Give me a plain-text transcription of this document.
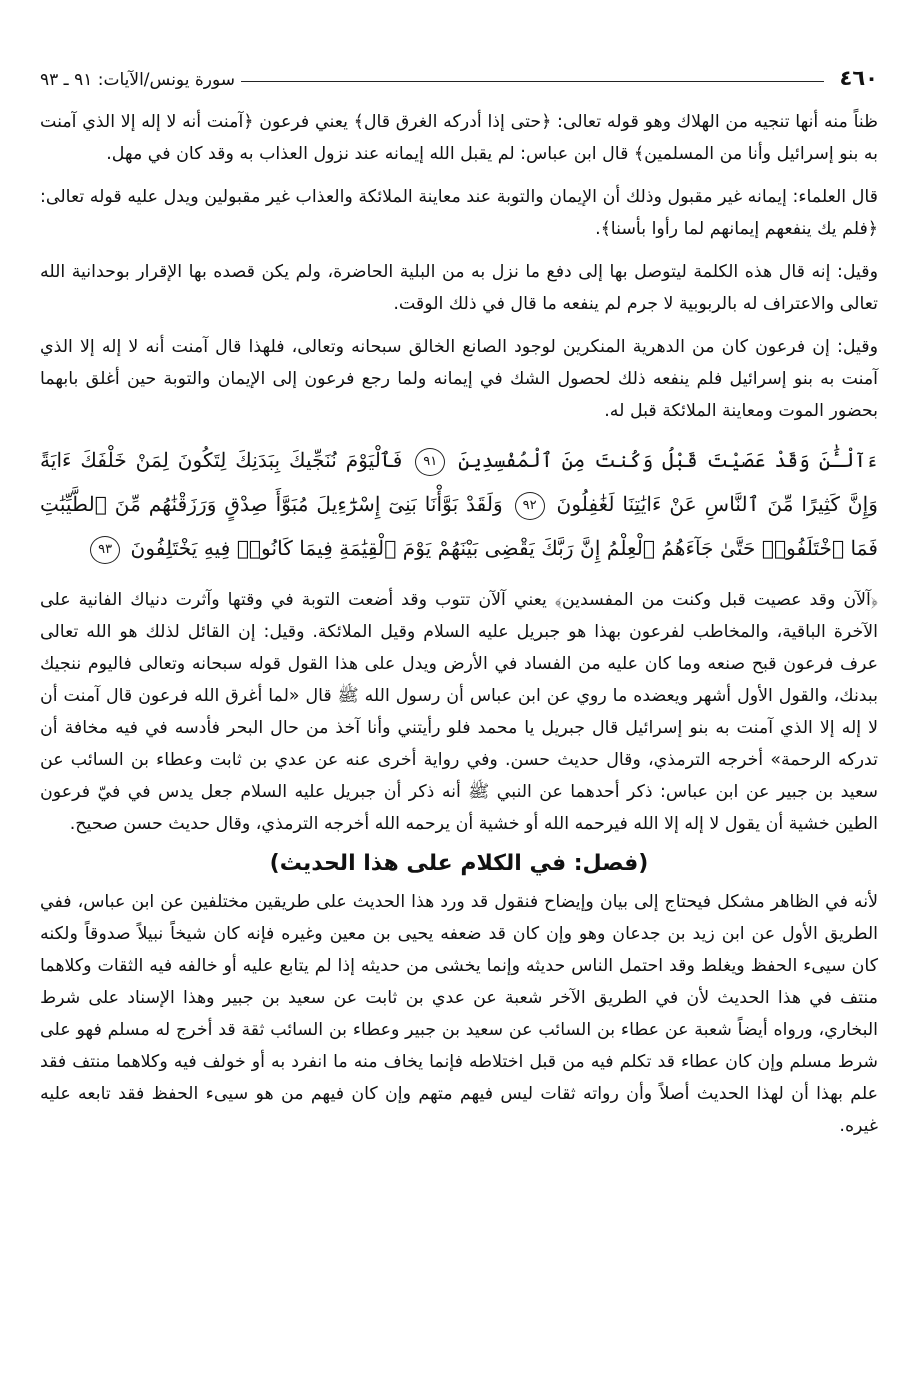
٤٦٠
سورة يونس/الآيات: ٩١ ـ ٩٣

ظناً منه أنها تنجيه من الهلاك وهو قوله تعالى: ﴿حتى إذا أدركه الغرق قال﴾ يعني فرعون ﴿آمنت أنه لا إله إلا الذي آمنت به بنو إسرائيل وأنا من المسلمين﴾ قال ابن عباس: لم يقبل الله إيمانه عند نزول العذاب به وقد كان في مهل.

قال العلماء: إيمانه غير مقبول وذلك أن الإيمان والتوبة عند معاينة الملائكة والعذاب غير مقبولين ويدل عليه قوله تعالى: ﴿فلم يك ينفعهم إيمانهم لما رأوا بأسنا﴾.

وقيل: إنه قال هذه الكلمة ليتوصل بها إلى دفع ما نزل به من البلية الحاضرة، ولم يكن قصده بها الإقرار بوحدانية الله تعالى والاعتراف له بالربوبية لا جرم لم ينفعه ما قال في ذلك الوقت.

وقيل: إن فرعون كان من الدهرية المنكرين لوجود الصانع الخالق سبحانه وتعالى، فلهذا قال آمنت أنه لا إله إلا الذي آمنت به بنو إسرائيل فلم ينفعه ذلك لحصول الشك في إيمانه ولما رجع فرعون إلى الإيمان والتوبة حين أغلق بابهما بحضور الموت ومعاينة الملائكة قبل له.

ءَآلْـَٰٔنَ وَقَدْ عَصَيْتَ قَبْلُ وَكُنتَ مِنَ ٱلْمُفْسِدِينَ ٩١ فَٱلْيَوْمَ نُنَجِّيكَ بِبَدَنِكَ لِتَكُونَ لِمَنْ خَلْفَكَ ءَايَةً وَإِنَّ كَثِيرًا مِّنَ ٱلنَّاسِ عَنْ ءَايَٰتِنَا لَغَٰفِلُونَ ٩٢ وَلَقَدْ بَوَّأْنَا بَنِىٓ إِسْرَٰٓءِيلَ مُبَوَّأَ صِدْقٍ وَرَزَقْنَٰهُم مِّنَ ٱلطَّيِّبَٰتِ فَمَا ٱخْتَلَفُوا۟ حَتَّىٰ جَآءَهُمُ ٱلْعِلْمُ إِنَّ رَبَّكَ يَقْضِى بَيْنَهُمْ يَوْمَ ٱلْقِيَٰمَةِ فِيمَا كَانُوا۟ فِيهِ يَخْتَلِفُونَ ٩٣

﴿آلآن وقد عصيت قبل وكنت من المفسدين﴾ يعني آلآن تتوب وقد أضعت التوبة في وقتها وآثرت دنياك الفانية على الآخرة الباقية، والمخاطب لفرعون بهذا هو جبريل عليه السلام وقيل الملائكة. وقيل: إن القائل لذلك هو الله تعالى عرف فرعون قبح صنعه وما كان عليه من الفساد في الأرض ويدل على هذا القول قوله سبحانه وتعالى فاليوم ننجيك ببدنك، والقول الأول أشهر ويعضده ما روي عن ابن عباس أن رسول الله ﷺ قال «لما أغرق الله فرعون قال آمنت أن لا إله إلا الذي آمنت به بنو إسرائيل قال جبريل يا محمد فلو رأيتني وأنا آخذ من حال البحر فأدسه في فيه مخافة أن تدركه الرحمة» أخرجه الترمذي، وقال حديث حسن. وفي رواية أخرى عنه عن عدي بن ثابت وعطاء بن السائب عن سعيد بن جبير عن ابن عباس: ذكر أحدهما عن النبي ﷺ أنه ذكر أن جبريل عليه السلام جعل يدس في فيّ فرعون الطين خشية أن يقول لا إله إلا الله فيرحمه الله أو خشية أن يرحمه الله أخرجه الترمذي، وقال حديث حسن صحيح.

(فصل: في الكلام على هذا الحديث)

لأنه في الظاهر مشكل فيحتاج إلى بيان وإيضاح فنقول قد ورد هذا الحديث على طريقين مختلفين عن ابن عباس، ففي الطريق الأول عن ابن زيد بن جدعان وهو وإن كان قد ضعفه يحيى بن معين وغيره فإنه كان شيخاً نبيلاً صدوقاً ولكنه كان سيىء الحفظ ويغلط وقد احتمل الناس حديثه وإنما يخشى من حديثه إذا لم يتابع عليه أو خالفه فيه الثقات وكلاهما منتف في هذا الحديث لأن في الطريق الآخر شعبة عن عدي بن ثابت عن سعيد بن جبير وهذا الإسناد على شرط البخاري، ورواه أيضاً شعبة عن عطاء بن السائب عن سعيد بن جبير وعطاء بن السائب ثقة قد أخرج له مسلم فهو على شرط مسلم وإن كان عطاء قد تكلم فيه من قبل اختلاطه فإنما يخاف منه ما انفرد به أو خولف فيه وكلاهما منتف فقد علم بهذا أن لهذا الحديث أصلاً وأن رواته ثقات ليس فيهم متهم وإن كان فيهم من هو سيىء الحفظ فقد تابعه عليه غيره.
